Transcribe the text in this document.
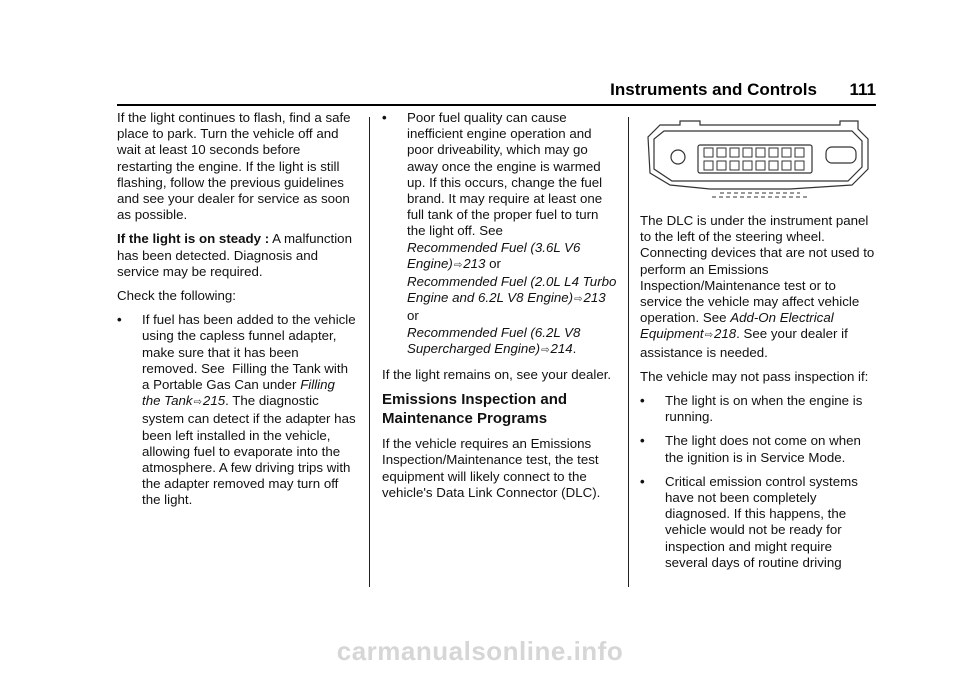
Instruments and Controls	111

If the light continues to flash, find a safe place to park. Turn the vehicle off and wait at least 10 seconds before restarting the engine. If the light is still flashing, follow the previous guidelines and see your dealer for service as soon as possible.

If the light is on steady : A malfunction has been detected. Diagnosis and service may be required.

Check the following:

•	If fuel has been added to the vehicle using the capless funnel adapter, make sure that it has been removed. See  Filling the Tank with a Portable Gas Can under Filling the Tank⇨215. The diagnostic system can detect if the adapter has been left installed in the vehicle, allowing fuel to evaporate into the atmosphere. A few driving trips with the adapter removed may turn off the light.
•	Poor fuel quality can cause inefficient engine operation and poor driveability, which may go away once the engine is warmed up. If this occurs, change the fuel brand. It may require at least one full tank of the proper fuel to turn the light off. See
Recommended Fuel (3.6L V6 Engine)⇨213 or
Recommended Fuel (2.0L L4 Turbo Engine and 6.2L V8 Engine)⇨213 or
Recommended Fuel (6.2L V8 Supercharged Engine)⇨214.

If the light remains on, see your dealer.

Emissions Inspection and Maintenance Programs

If the vehicle requires an Emissions Inspection/Maintenance test, the test equipment will likely connect to the vehicle's Data Link Connector (DLC).

The DLC is under the instrument panel to the left of the steering wheel. Connecting devices that are not used to perform an Emissions Inspection/Maintenance test or to service the vehicle may affect vehicle operation. See Add-On Electrical Equipment⇨218. See your dealer if assistance is needed.

The vehicle may not pass inspection if:

•	The light is on when the engine is running.
•	The light does not come on when the ignition is in Service Mode.
•	Critical emission control systems have not been completely diagnosed. If this happens, the vehicle would not be ready for inspection and might require several days of routine driving
carmanualsonline.info
